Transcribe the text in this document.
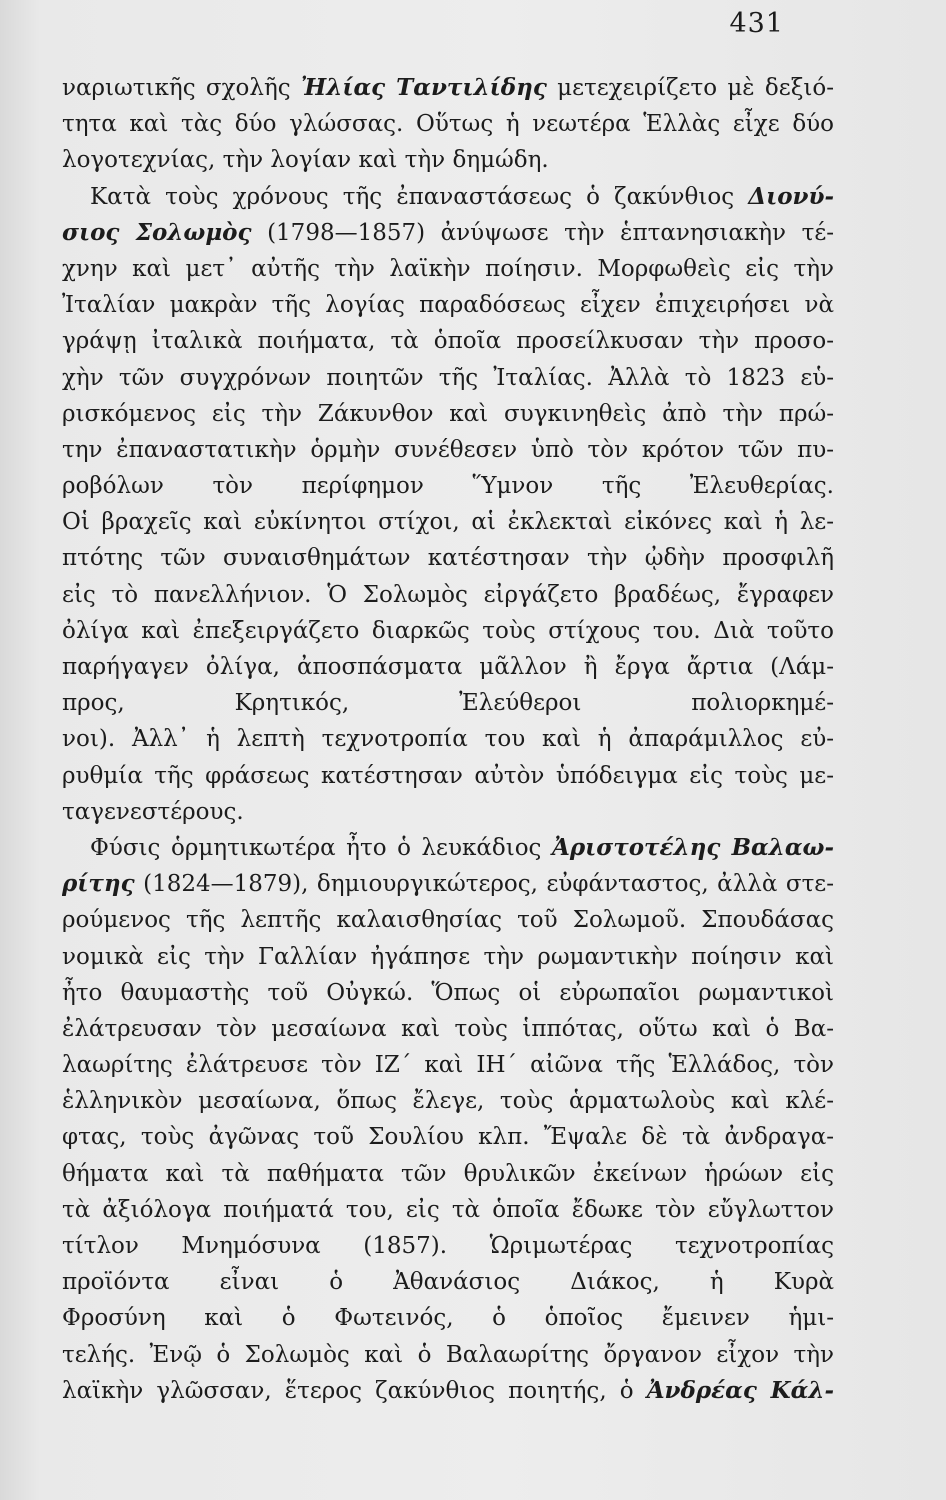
431
ναριωτικῆς σχολῆς Ἠλίας Ταντιλίδης μετεχειρίζετο μὲ δεξιό-
τητα καὶ τὰς δύο γλώσσας. Οὕτως ἡ νεωτέρα Ἑλλὰς εἶχε δύο
λογοτεχνίας, τὴν λογίαν καὶ τὴν δημώδη.
Κατὰ τοὺς χρόνους τῆς ἐπαναστάσεως ὁ ζακύνθιος Διονύ-
σιος Σολωμὸς (1798—1857) ἀνύψωσε τὴν ἑπτανησιακὴν τέ-
χνην καὶ μετ᾿ αὐτῆς τὴν λαϊκὴν ποίησιν. Μορφωθεὶς εἰς τὴν
Ἰταλίαν μακρὰν τῆς λογίας παραδόσεως εἶχεν ἐπιχειρήσει νὰ
γράψῃ ἰταλικὰ ποιήματα, τὰ ὁποῖα προσείλκυσαν τὴν προσο-
χὴν τῶν συγχρόνων ποιητῶν τῆς Ἰταλίας. Ἀλλὰ τὸ 1823 εὑ-
ρισκόμενος εἰς τὴν Ζάκυνθον καὶ συγκινηθεὶς ἀπὸ τὴν πρώ-
την ἐπαναστατικὴν ὁρμὴν συνέθεσεν ὑπὸ τὸν κρότον τῶν πυ-
ροβόλων τὸν περίφημον Ὕμνον τῆς Ἐλευθερίας.
Οἱ βραχεῖς καὶ εὐκίνητοι στίχοι, αἱ ἐκλεκταὶ εἰκόνες καὶ ἡ λε-
πτότης τῶν συναισθημάτων κατέστησαν τὴν ᾠδὴν προσφιλῆ
εἰς τὸ πανελλήνιον. Ὁ Σολωμὸς εἰργάζετο βραδέως, ἔγραφεν
ὀλίγα καὶ ἐπεξειργάζετο διαρκῶς τοὺς στίχους του. Διὰ τοῦτο
παρήγαγεν ὀλίγα, ἀποσπάσματα μᾶλλον ἢ ἔργα ἄρτια (Λάμ-
προς, Κρητικός, Ἐλεύθεροι πολιορκημέ-
νοι). Ἀλλ᾿ ἡ λεπτὴ τεχνοτροπία του καὶ ἡ ἀπαράμιλλος εὐ-
ρυθμία τῆς φράσεως κατέστησαν αὐτὸν ὑπόδειγμα εἰς τοὺς με-
ταγενεστέρους.
Φύσις ὁρμητικωτέρα ἦτο ὁ λευκάδιος Ἀριστοτέλης Βαλαω-
ρίτης (1824—1879), δημιουργικώτερος, εὐφάνταστος, ἀλλὰ στε-
ρούμενος τῆς λεπτῆς καλαισθησίας τοῦ Σολωμοῦ. Σπουδάσας
νομικὰ εἰς τὴν Γαλλίαν ἠγάπησε τὴν ρωμαντικὴν ποίησιν καὶ
ἦτο θαυμαστὴς τοῦ Οὐγκώ. Ὅπως οἱ εὐρωπαῖοι ρωμαντικοὶ
ἐλάτρευσαν τὸν μεσαίωνα καὶ τοὺς ἱππότας, οὕτω καὶ ὁ Βα-
λαωρίτης ἐλάτρευσε τὸν ΙΖ´ καὶ ΙΗ´ αἰῶνα τῆς Ἑλλάδος, τὸν
ἑλληνικὸν μεσαίωνα, ὅπως ἔλεγε, τοὺς ἁρματωλοὺς καὶ κλέ-
φτας, τοὺς ἀγῶνας τοῦ Σουλίου κλπ. Ἔψαλε δὲ τὰ ἀνδραγα-
θήματα καὶ τὰ παθήματα τῶν θρυλικῶν ἐκείνων ἡρώων εἰς
τὰ ἀξιόλογα ποιήματά του, εἰς τὰ ὁποῖα ἔδωκε τὸν εὔγλωττον
τίτλον Μνημόσυνα (1857). Ὡριμωτέρας τεχνοτροπίας
προϊόντα εἶναι ὁ Ἀθανάσιος Διάκος, ἡ Κυρὰ
Φροσύνη καὶ ὁ Φωτεινός, ὁ ὁποῖος ἔμεινεν ἡμι-
τελής. Ἐνῷ ὁ Σολωμὸς καὶ ὁ Βαλαωρίτης ὄργανον εἶχον τὴν
λαϊκὴν γλῶσσαν, ἕτερος ζακύνθιος ποιητής, ὁ Ἀνδρέας Κάλ-
